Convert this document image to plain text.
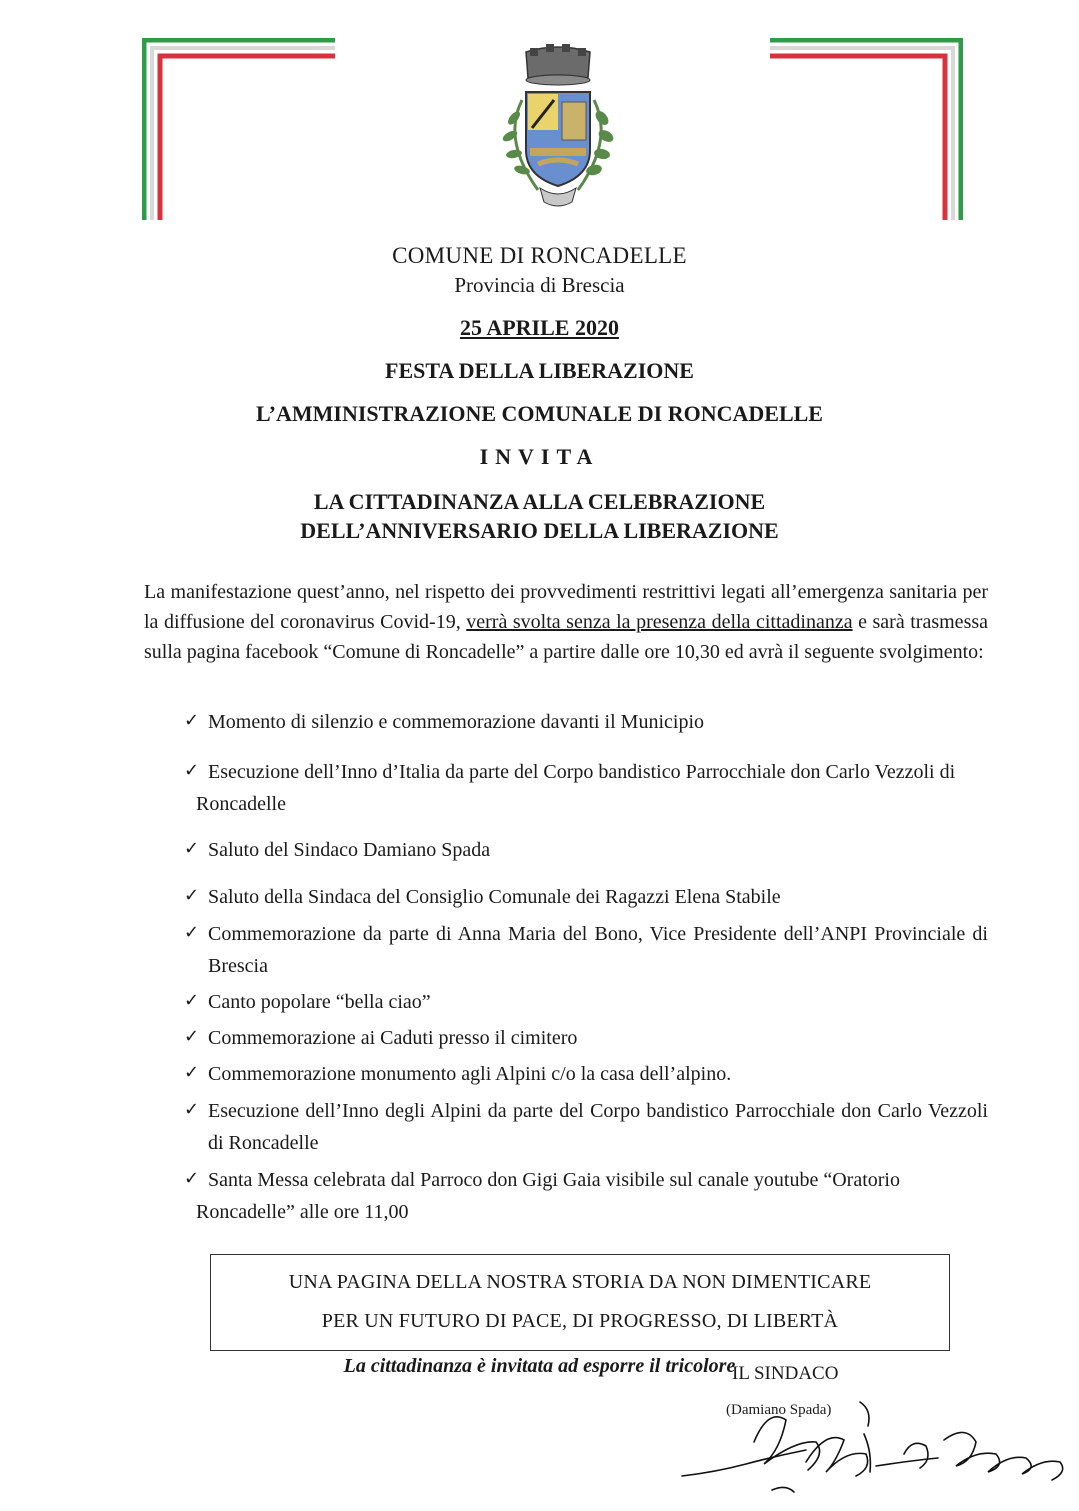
COMUNE DI RONCADELLE
Provincia di Brescia
25 APRILE 2020
FESTA DELLA LIBERAZIONE
L’AMMINISTRAZIONE COMUNALE DI RONCADELLE
INVITA
LA CITTADINANZA ALLA CELEBRAZIONE
DELL’ANNIVERSARIO DELLA LIBERAZIONE
La manifestazione quest’anno, nel rispetto dei provvedimenti restrittivi legati all’emergenza sanitaria per la diffusione del coronavirus Covid-19, verrà svolta senza la presenza della cittadinanza e sarà trasmessa sulla pagina facebook “Comune di Roncadelle” a partire dalle ore 10,30 ed avrà il seguente svolgimento:
✓ Momento di silenzio e commemorazione davanti il Municipio
✓ Esecuzione dell’Inno d’Italia da parte del Corpo bandistico Parrocchiale don Carlo Vezzoli di Roncadelle
✓ Saluto del Sindaco Damiano Spada
✓ Saluto della Sindaca del Consiglio Comunale dei Ragazzi Elena Stabile
✓ Commemorazione da parte di Anna Maria del Bono, Vice Presidente dell’ANPI Provinciale di Brescia
✓ Canto popolare “bella ciao”
✓ Commemorazione ai Caduti presso il cimitero
✓ Commemorazione monumento agli Alpini c/o la casa dell’alpino.
✓ Esecuzione dell’Inno degli Alpini da parte del Corpo bandistico Parrocchiale don Carlo Vezzoli di Roncadelle
✓ Santa Messa celebrata dal Parroco don Gigi Gaia visibile sul canale youtube “Oratorio Roncadelle” alle ore 11,00
UNA PAGINA DELLA NOSTRA STORIA DA NON DIMENTICARE
PER UN FUTURO DI PACE, DI PROGRESSO, DI LIBERTÀ
La cittadinanza è invitata ad esporre il tricolore
IL SINDACO
(Damiano Spada)
